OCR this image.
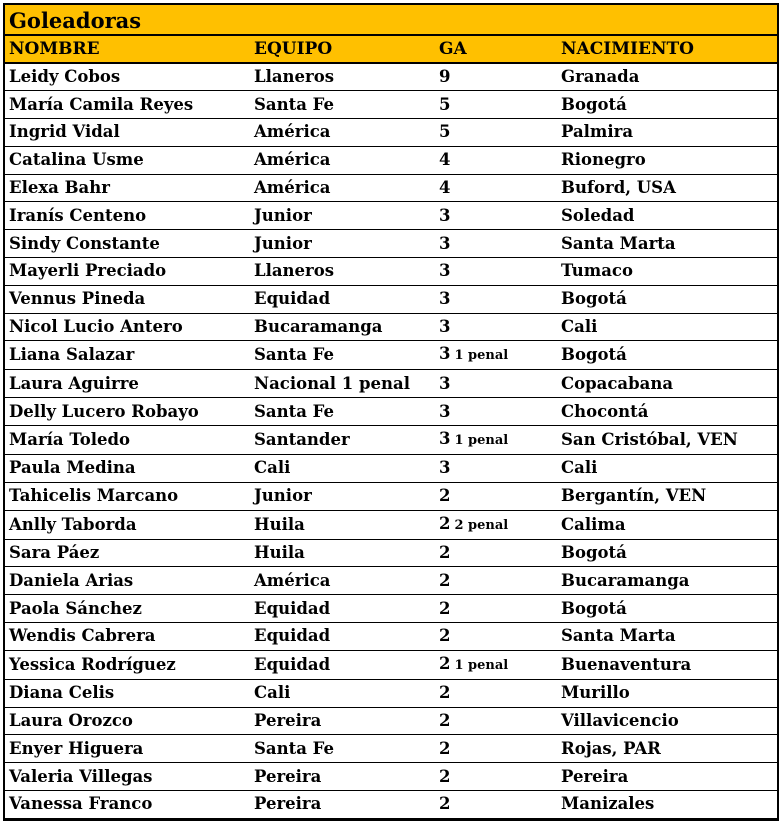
Goleadoras
NOMBRE	EQUIPO	GA	NACIMIENTO
Leidy Cobos	Llaneros	9	Granada
María Camila Reyes	Santa Fe	5	Bogotá
Ingrid Vidal	América	5	Palmira
Catalina Usme	América	4	Rionegro
Elexa Bahr	América	4	Buford, USA
Iranís Centeno	Junior	3	Soledad
Sindy Constante	Junior	3	Santa Marta
Mayerli Preciado	Llaneros	3	Tumaco
Vennus Pineda	Equidad	3	Bogotá
Nicol Lucio Antero	Bucaramanga	3	Cali
Liana Salazar	Santa Fe	3 1 penal	Bogotá
Laura Aguirre	Nacional 1 penal	3	Copacabana
Delly Lucero Robayo	Santa Fe	3	Chocontá
María Toledo	Santander	3 1 penal	San Cristóbal, VEN
Paula Medina	Cali	3	Cali
Tahicelis Marcano	Junior	2	Bergantín, VEN
Anlly Taborda	Huila	2 2 penal	Calima
Sara Páez	Huila	2	Bogotá
Daniela Arias	América	2	Bucaramanga
Paola Sánchez	Equidad	2	Bogotá
Wendis Cabrera	Equidad	2	Santa Marta
Yessica Rodríguez	Equidad	2 1 penal	Buenaventura
Diana Celis	Cali	2	Murillo
Laura Orozco	Pereira	2	Villavicencio
Enyer Higuera	Santa Fe	2	Rojas, PAR
Valeria Villegas	Pereira	2	Pereira
Vanessa Franco	Pereira	2	Manizales
